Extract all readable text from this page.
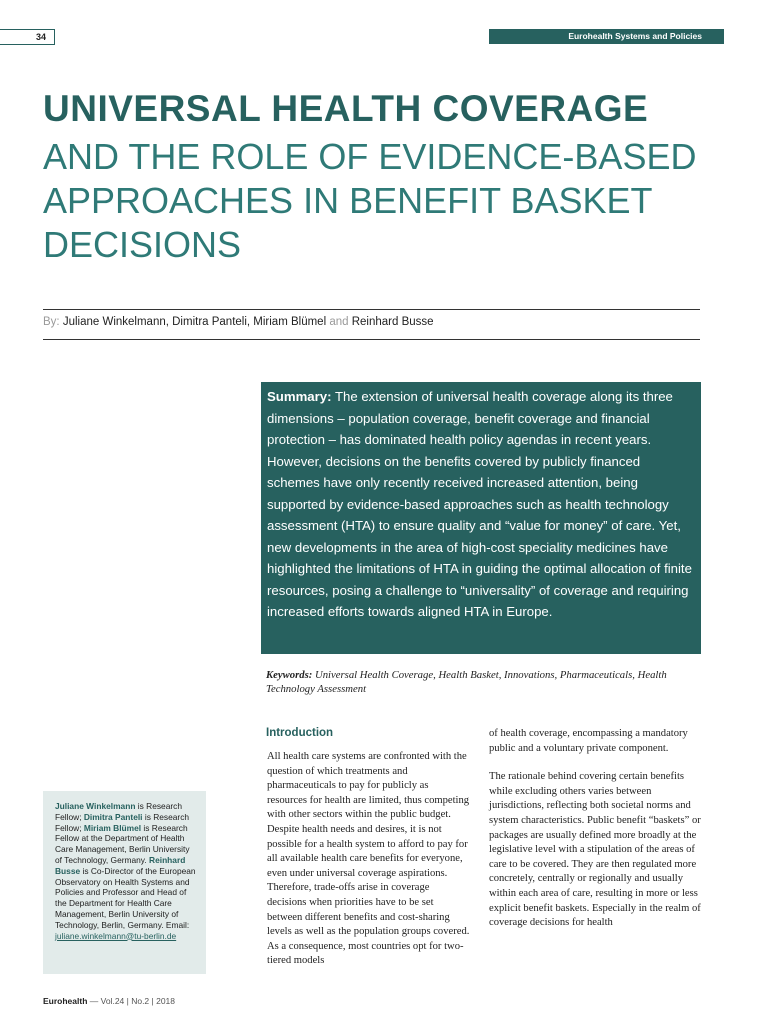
34	Eurohealth Systems and Policies
UNIVERSAL HEALTH COVERAGE
AND THE ROLE OF EVIDENCE-BASED
APPROACHES IN BENEFIT BASKET
DECISIONS
By: Juliane Winkelmann, Dimitra Panteli, Miriam Blümel and Reinhard Busse
Summary: The extension of universal health coverage along its three dimensions – population coverage, benefit coverage and financial protection – has dominated health policy agendas in recent years. However, decisions on the benefits covered by publicly financed schemes have only recently received increased attention, being supported by evidence-based approaches such as health technology assessment (HTA) to ensure quality and “value for money” of care. Yet, new developments in the area of high-cost speciality medicines have highlighted the limitations of HTA in guiding the optimal allocation of finite resources, posing a challenge to “universality” of coverage and requiring increased efforts towards aligned HTA in Europe.
Keywords: Universal Health Coverage, Health Basket, Innovations, Pharmaceuticals, Health Technology Assessment
Introduction

All health care systems are confronted with the question of which treatments and pharmaceuticals to pay for publicly as resources for health are limited, thus competing with other sectors within the public budget. Despite health needs and desires, it is not possible for a health system to afford to pay for all available health care benefits for everyone, even under universal coverage aspirations. Therefore, trade-offs arise in coverage decisions when priorities have to be set between different benefits and cost-sharing levels as well as the population groups covered. As a consequence, most countries opt for two-tiered models

of health coverage, encompassing a mandatory public and a voluntary private component.

The rationale behind covering certain benefits while excluding others varies between jurisdictions, reflecting both societal norms and system characteristics. Public benefit “baskets” or packages are usually defined more broadly at the legislative level with a stipulation of the areas of care to be covered. They are then regulated more concretely, centrally or regionally and usually within each area of care, resulting in more or less explicit benefit baskets. Especially in the realm of coverage decisions for health

Juliane Winkelmann is Research Fellow; Dimitra Panteli is Research Fellow; Miriam Blümel is Research Fellow at the Department of Health Care Management, Berlin University of Technology, Germany. Reinhard Busse is Co-Director of the European Observatory on Health Systems and Policies and Professor and Head of the Department for Health Care Management, Berlin University of Technology, Berlin, Germany. Email: juliane.winkelmann@tu-berlin.de
Eurohealth — Vol.24 | No.2 | 2018
